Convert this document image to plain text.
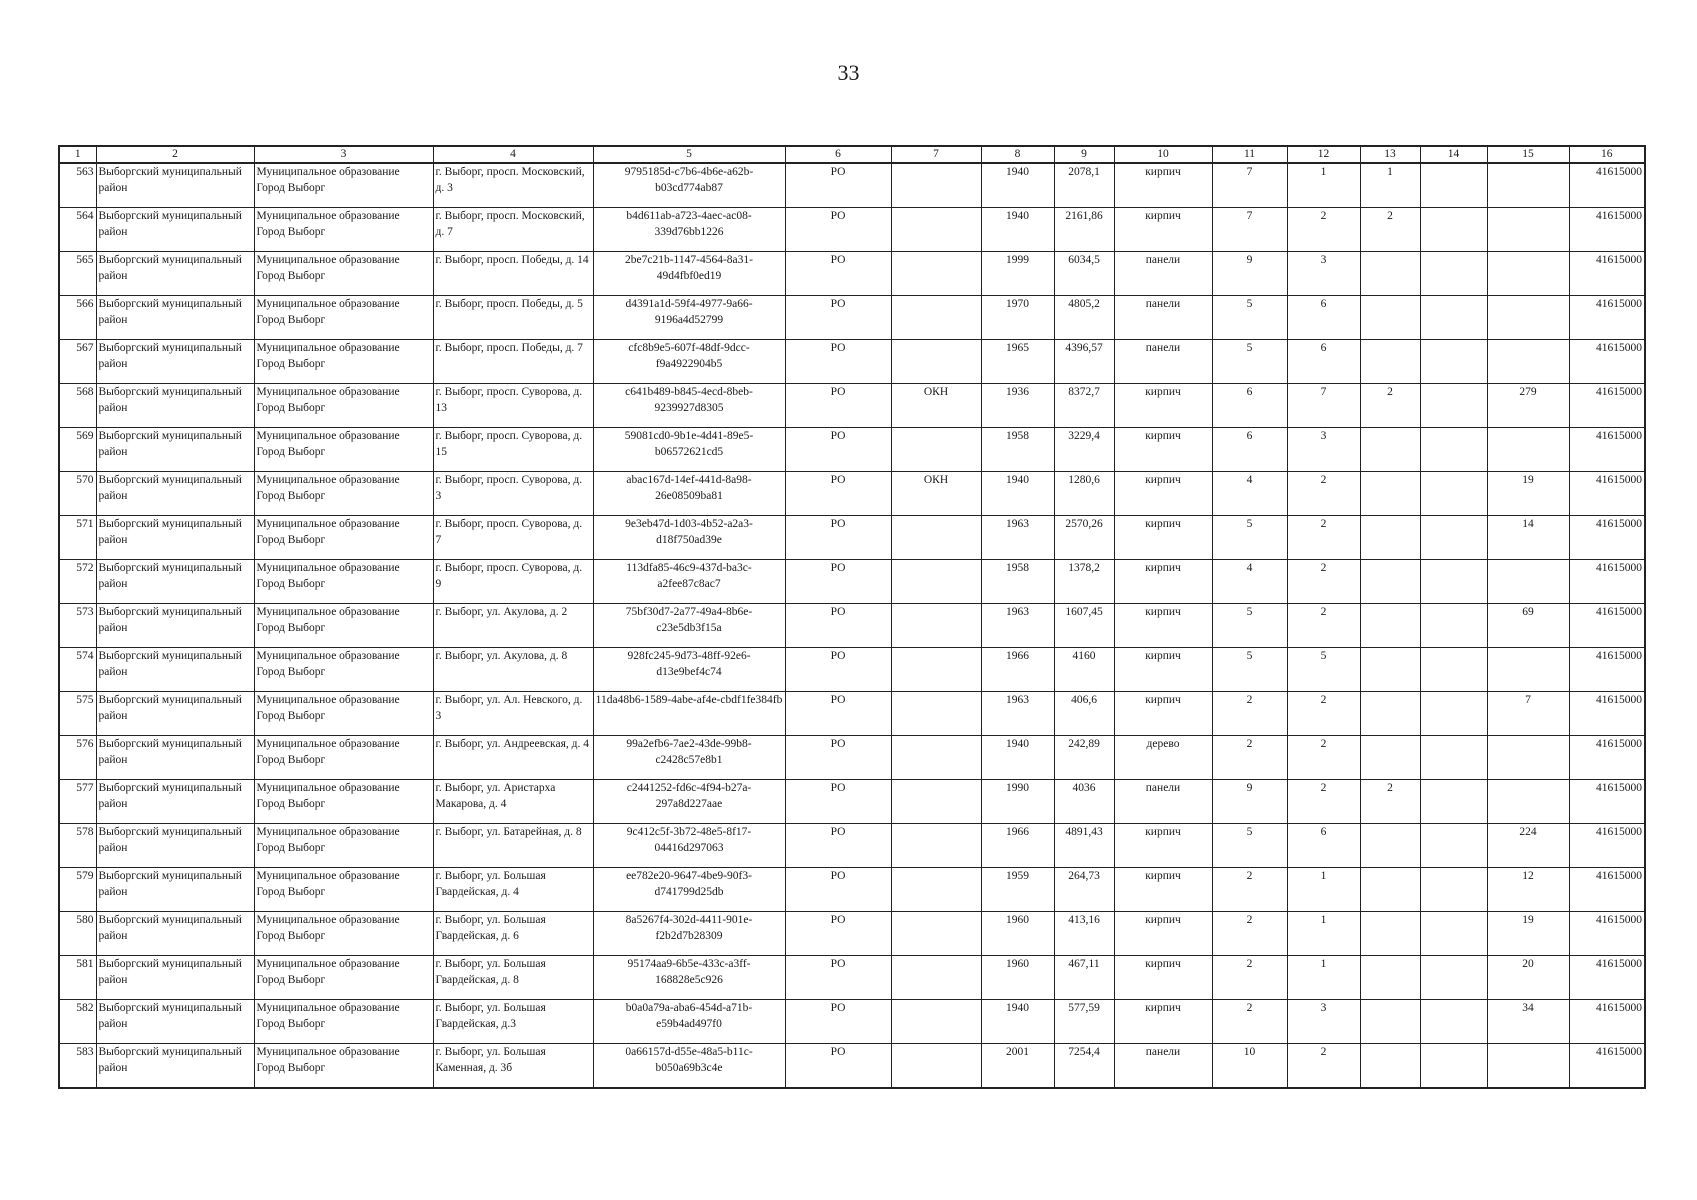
33
1	2	3	4	5	6	7	8	9	10	11	12	13	14	15	16
563	Выборгский муниципальный район	Муниципальное образование Город Выборг	г. Выборг, просп. Московский, д. 3	9795185d-c7b6-4b6e-a62b-b03cd774ab87	РО		1940	2078,1	кирпич	7	1	1			41615000
564	Выборгский муниципальный район	Муниципальное образование Город Выборг	г. Выборг, просп. Московский, д. 7	b4d611ab-a723-4aec-ac08-339d76bb1226	РО		1940	2161,86	кирпич	7	2	2			41615000
565	Выборгский муниципальный район	Муниципальное образование Город Выборг	г. Выборг, просп. Победы, д. 14	2be7c21b-1147-4564-8a31-49d4fbf0ed19	РО		1999	6034,5	панели	9	3				41615000
566	Выборгский муниципальный район	Муниципальное образование Город Выборг	г. Выборг, просп. Победы, д. 5	d4391a1d-59f4-4977-9a66-9196a4d52799	РО		1970	4805,2	панели	5	6				41615000
567	Выборгский муниципальный район	Муниципальное образование Город Выборг	г. Выборг, просп. Победы, д. 7	cfc8b9e5-607f-48df-9dcc-f9a4922904b5	РО		1965	4396,57	панели	5	6				41615000
568	Выборгский муниципальный район	Муниципальное образование Город Выборг	г. Выборг, просп. Суворова, д. 13	c641b489-b845-4ecd-8beb-9239927d8305	РО	ОКН	1936	8372,7	кирпич	6	7	2		279	41615000
569	Выборгский муниципальный район	Муниципальное образование Город Выборг	г. Выборг, просп. Суворова, д. 15	59081cd0-9b1e-4d41-89e5-b06572621cd5	РО		1958	3229,4	кирпич	6	3				41615000
570	Выборгский муниципальный район	Муниципальное образование Город Выборг	г. Выборг, просп. Суворова, д. 3	abac167d-14ef-441d-8a98-26e08509ba81	РО	ОКН	1940	1280,6	кирпич	4	2			19	41615000
571	Выборгский муниципальный район	Муниципальное образование Город Выборг	г. Выборг, просп. Суворова, д. 7	9e3eb47d-1d03-4b52-a2a3-d18f750ad39e	РО		1963	2570,26	кирпич	5	2			14	41615000
572	Выборгский муниципальный район	Муниципальное образование Город Выборг	г. Выборг, просп. Суворова, д. 9	113dfa85-46c9-437d-ba3c-a2fee87c8ac7	РО		1958	1378,2	кирпич	4	2				41615000
573	Выборгский муниципальный район	Муниципальное образование Город Выборг	г. Выборг, ул. Акулова, д. 2	75bf30d7-2a77-49a4-8b6e-c23e5db3f15a	РО		1963	1607,45	кирпич	5	2			69	41615000
574	Выборгский муниципальный район	Муниципальное образование Город Выборг	г. Выборг, ул. Акулова, д. 8	928fc245-9d73-48ff-92e6-d13e9bef4c74	РО		1966	4160	кирпич	5	5				41615000
575	Выборгский муниципальный район	Муниципальное образование Город Выборг	г. Выборг, ул. Ал. Невского, д. 3	11da48b6-1589-4abe-af4e-cbdf1fe384fb	РО		1963	406,6	кирпич	2	2			7	41615000
576	Выборгский муниципальный район	Муниципальное образование Город Выборг	г. Выборг, ул. Андреевская, д. 4	99a2efb6-7ae2-43de-99b8-c2428c57e8b1	РО		1940	242,89	дерево	2	2				41615000
577	Выборгский муниципальный район	Муниципальное образование Город Выборг	г. Выборг, ул. Аристарха Макарова, д. 4	c2441252-fd6c-4f94-b27a-297a8d227aae	РО		1990	4036	панели	9	2	2			41615000
578	Выборгский муниципальный район	Муниципальное образование Город Выборг	г. Выборг, ул. Батарейная, д. 8	9c412c5f-3b72-48e5-8f17-04416d297063	РО		1966	4891,43	кирпич	5	6			224	41615000
579	Выборгский муниципальный район	Муниципальное образование Город Выборг	г. Выборг, ул. Большая Гвардейская, д. 4	ee782e20-9647-4be9-90f3-d741799d25db	РО		1959	264,73	кирпич	2	1			12	41615000
580	Выборгский муниципальный район	Муниципальное образование Город Выборг	г. Выборг, ул. Большая Гвардейская, д. 6	8a5267f4-302d-4411-901e-f2b2d7b28309	РО		1960	413,16	кирпич	2	1			19	41615000
581	Выборгский муниципальный район	Муниципальное образование Город Выборг	г. Выборг, ул. Большая Гвардейская, д. 8	95174aa9-6b5e-433c-a3ff-168828e5c926	РО		1960	467,11	кирпич	2	1			20	41615000
582	Выборгский муниципальный район	Муниципальное образование Город Выборг	г. Выборг, ул. Большая Гвардейская, д.3	b0a0a79a-aba6-454d-a71b-e59b4ad497f0	РО		1940	577,59	кирпич	2	3			34	41615000
583	Выборгский муниципальный район	Муниципальное образование Город Выборг	г. Выборг, ул. Большая Каменная, д. 3б	0a66157d-d55e-48a5-b11c-b050a69b3c4e	РО		2001	7254,4	панели	10	2				41615000
